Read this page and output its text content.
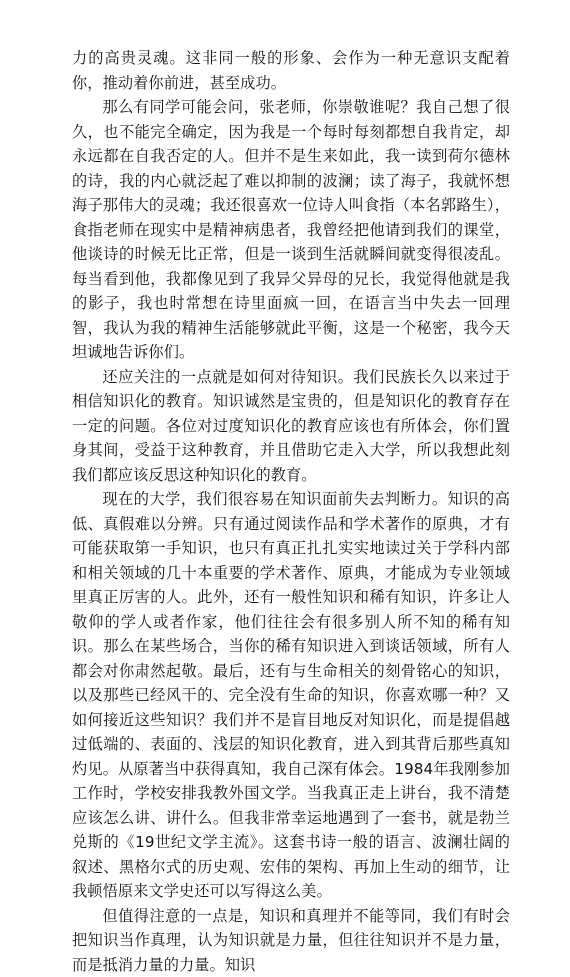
力的高贵灵魂。这非同一般的形象、会作为一种无意识支配着你，推动着你前进，甚至成功。

那么有同学可能会问，张老师，你崇敬谁呢？我自己想了很久，也不能完全确定，因为我是一个每时每刻都想自我肯定，却永远都在自我否定的人。但并不是生来如此，我一读到荷尔德林的诗，我的内心就泛起了难以抑制的波澜；读了海子，我就怀想海子那伟大的灵魂；我还很喜欢一位诗人叫食指（本名郭路生），食指老师在现实中是精神病患者，我曾经把他请到我们的课堂，他谈诗的时候无比正常，但是一谈到生活就瞬间就变得很凌乱。每当看到他，我都像见到了我异父异母的兄长，我觉得他就是我的影子，我也时常想在诗里面疯一回，在语言当中失去一回理智，我认为我的精神生活能够就此平衡，这是一个秘密，我今天坦诚地告诉你们。

还应关注的一点就是如何对待知识。我们民族长久以来过于相信知识化的教育。知识诚然是宝贵的，但是知识化的教育存在一定的问题。各位对过度知识化的教育应该也有所体会，你们置身其间，受益于这种教育，并且借助它走入大学，所以我想此刻我们都应该反思这种知识化的教育。

现在的大学，我们很容易在知识面前失去判断力。知识的高低、真假难以分辨。只有通过阅读作品和学术著作的原典，才有可能获取第一手知识，也只有真正扎扎实实地读过关于学科内部和相关领域的几十本重要的学术著作、原典，才能成为专业领域里真正厉害的人。此外，还有一般性知识和稀有知识，许多让人敬仰的学人或者作家，他们往往会有很多别人所不知的稀有知识。那么在某些场合，当你的稀有知识进入到谈话领域，所有人都会对你肃然起敬。最后，还有与生命相关的刻骨铭心的知识，以及那些已经风干的、完全没有生命的知识，你喜欢哪一种？又如何接近这些知识？我们并不是盲目地反对知识化，而是提倡越过低端的、表面的、浅层的知识化教育，进入到其背后那些真知灼见。从原著当中获得真知，我自己深有体会。1984年我刚参加工作时，学校安排我教外国文学。当我真正走上讲台，我不清楚应该怎么讲、讲什么。但我非常幸运地遇到了一套书，就是勃兰兑斯的《19世纪文学主流》。这套书诗一般的语言、波澜壮阔的叙述、黑格尔式的历史观、宏伟的架构、再加上生动的细节，让我顿悟原来文学史还可以写得这么美。

但值得注意的一点是，知识和真理并不能等同，我们有时会把知识当作真理，认为知识就是力量，但往往知识并不是力量，而是抵消力量的力量。知识
